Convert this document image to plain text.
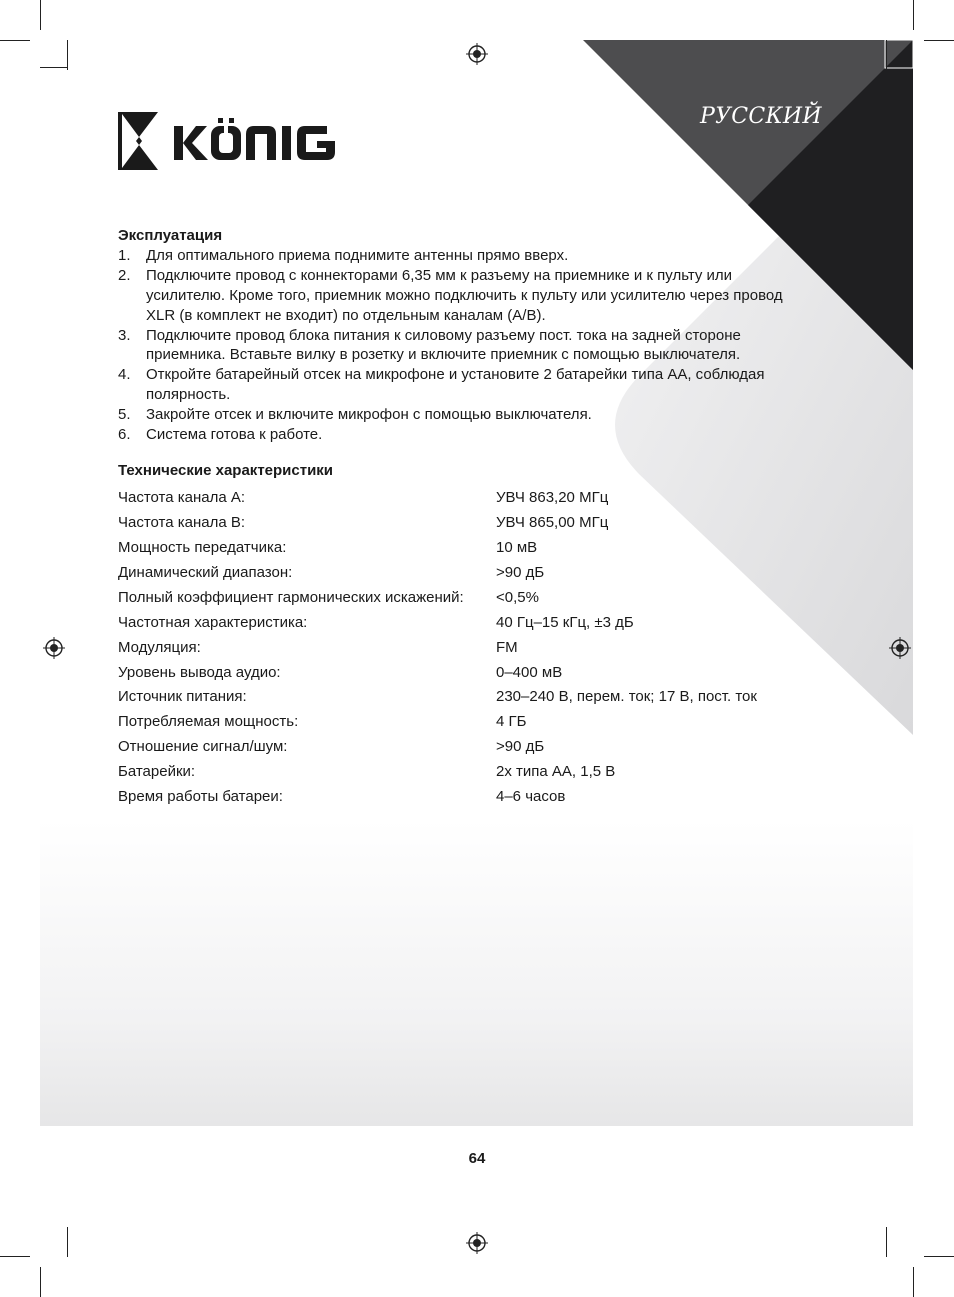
РУССКИЙ
Эксплуатация
1. Для оптимального приема поднимите антенны прямо вверх.
2. Подключите провод с коннекторами 6,35 мм к разъему на приемнике и к пульту или усилителю. Кроме того, приемник можно подключить к пульту или усилителю через провод XLR (в комплект не входит) по отдельным каналам (A/B).
3. Подключите провод блока питания к силовому разъему пост. тока на задней стороне приемника. Вставьте вилку в розетку и включите приемник с помощью выключателя.
4. Откройте батарейный отсек на микрофоне и установите 2 батарейки типа AA, соблюдая полярность.
5. Закройте отсек и включите микрофон с помощью выключателя.
6. Система готова к работе.
Технические характеристики
Частота канала A:	УВЧ 863,20 МГц
Частота канала B:	УВЧ 865,00 МГц
Мощность передатчика:	10 мВ
Динамический диапазон:	>90 дБ
Полный коэффициент гармонических искажений:	<0,5%
Частотная характеристика:	40 Гц–15 кГц, ±3 дБ
Модуляция:	FM
Уровень вывода аудио:	0–400 мВ
Источник питания:	230–240 В, перем. ток; 17 В, пост. ток
Потребляемая мощность:	4 ГБ
Отношение сигнал/шум:	>90 дБ
Батарейки:	2x типа AA, 1,5 В
Время работы батареи:	4–6 часов
64
